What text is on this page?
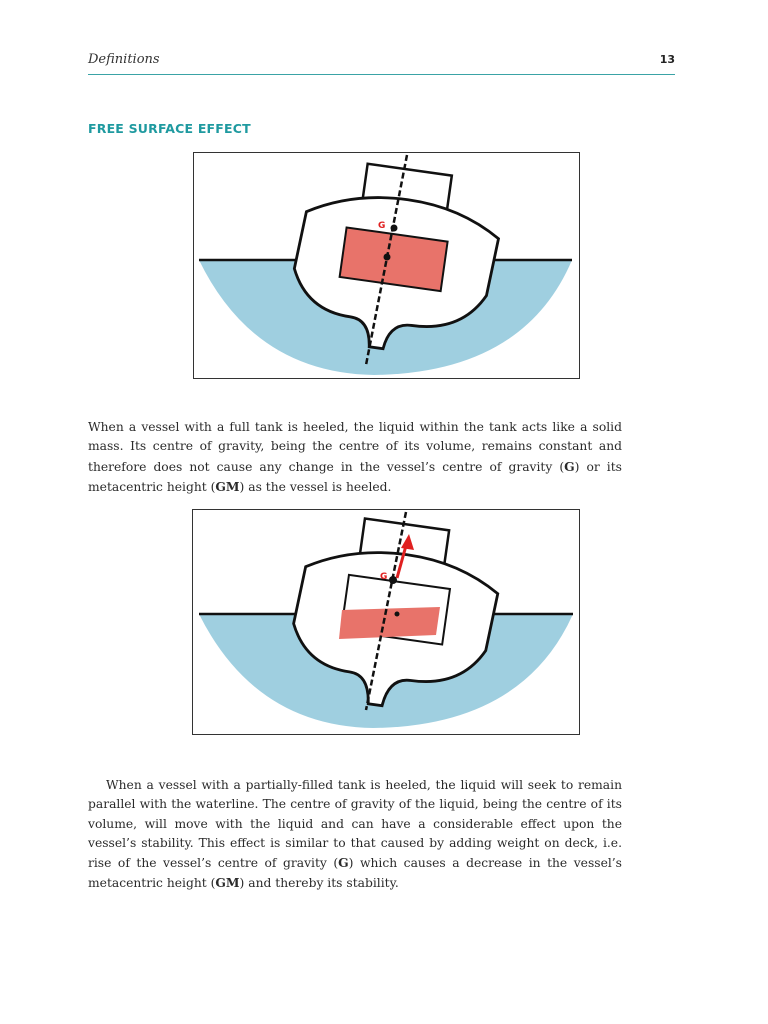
Definitions	13
FREE SURFACE EFFECT
G

When a vessel with a full tank is heeled, the liquid within the tank acts like a solid mass. Its centre of gravity, being the centre of its volume, remains constant and therefore does not cause any change in the vessel’s centre of gravity (G) or its metacentric height (GM) as the vessel is heeled.

G

When a vessel with a partially-filled tank is heeled, the liquid will seek to remain parallel with the waterline. The centre of gravity of the liquid, being the centre of its volume, will move with the liquid and can have a considerable effect upon the vessel’s stability. This effect is similar to that caused by adding weight on deck, i.e. rise of the vessel’s centre of gravity (G) which causes a decrease in the vessel’s metacentric height (GM) and thereby its stability.
